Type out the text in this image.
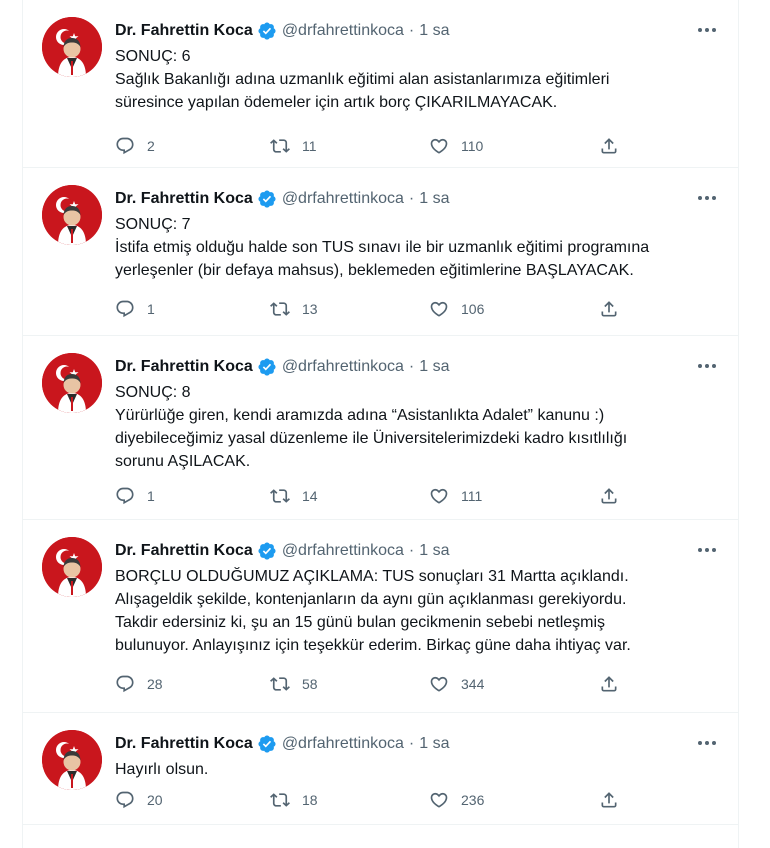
Dr. Fahrettin Koca @drfahrettinkoca · 1 sa
SONUÇ: 6
Sağlık Bakanlığı adına uzmanlık eğitimi alan asistanlarımıza eğitimleri
süresince yapılan ödemeler için artık borç ÇIKARILMAYACAK.
2	11	110
Dr. Fahrettin Koca @drfahrettinkoca · 1 sa
SONUÇ: 7
İstifa etmiş olduğu halde son TUS sınavı ile bir uzmanlık eğitimi programına
yerleşenler (bir defaya mahsus), beklemeden eğitimlerine BAŞLAYACAK.
1	13	106
Dr. Fahrettin Koca @drfahrettinkoca · 1 sa
SONUÇ: 8
Yürürlüğe giren, kendi aramızda adına “Asistanlıkta Adalet” kanunu :)
diyebileceğimiz yasal düzenleme ile Üniversitelerimizdeki kadro kısıtlılığı
sorunu AŞILACAK.
1	14	111
Dr. Fahrettin Koca @drfahrettinkoca · 1 sa
BORÇLU OLDUĞUMUZ AÇIKLAMA: TUS sonuçları 31 Martta açıklandı.
Alışageldik şekilde, kontenjanların da aynı gün açıklanması gerekiyordu.
Takdir edersiniz ki, şu an 15 günü bulan gecikmenin sebebi netleşmiş
bulunuyor. Anlayışınız için teşekkür ederim. Birkaç güne daha ihtiyaç var.
28	58	344
Dr. Fahrettin Koca @drfahrettinkoca · 1 sa
Hayırlı olsun.
20	18	236
